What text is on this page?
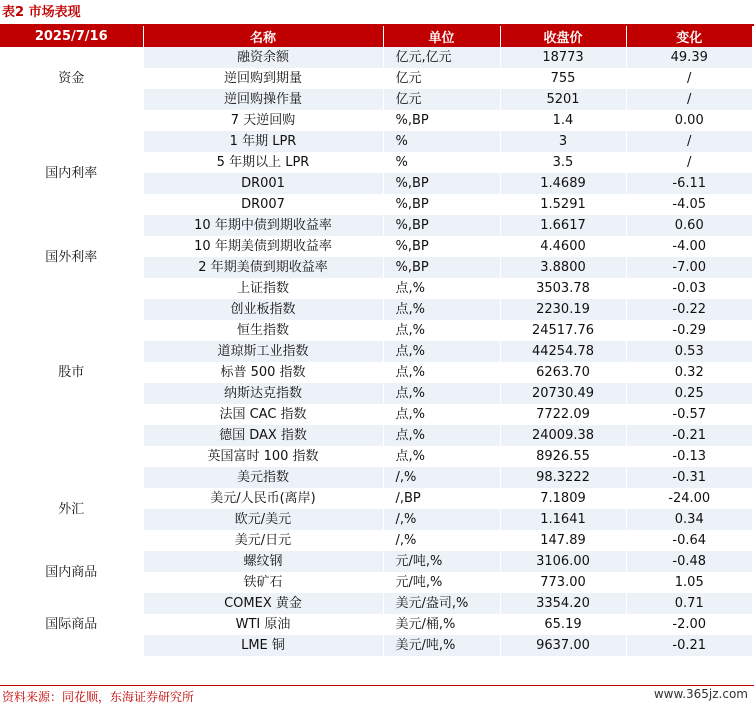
表2 市场表现
2025/7/16	名称	单位	收盘价	变化
资金	融资余额	亿元,亿元	18773	49.39
	逆回购到期量	亿元	755	/
	逆回购操作量	亿元	5201	/
国内利率	7 天逆回购	%,BP	1.4	0.00
	1 年期 LPR	%	3	/
	5 年期以上 LPR	%	3.5	/
	DR001	%,BP	1.4689	-6.11
	DR007	%,BP	1.5291	-4.05
	10 年期中债到期收益率	%,BP	1.6617	0.60
国外利率	10 年期美债到期收益率	%,BP	4.4600	-4.00
	2 年期美债到期收益率	%,BP	3.8800	-7.00
股市	上证指数	点,%	3503.78	-0.03
	创业板指数	点,%	2230.19	-0.22
	恒生指数	点,%	24517.76	-0.29
	道琼斯工业指数	点,%	44254.78	0.53
	标普 500 指数	点,%	6263.70	0.32
	纳斯达克指数	点,%	20730.49	0.25
	法国 CAC 指数	点,%	7722.09	-0.57
	德国 DAX 指数	点,%	24009.38	-0.21
	英国富时 100 指数	点,%	8926.55	-0.13
外汇	美元指数	/,%	98.3222	-0.31
	美元/人民币(离岸)	/,BP	7.1809	-24.00
	欧元/美元	/,%	1.1641	0.34
	美元/日元	/,%	147.89	-0.64
国内商品	螺纹钢	元/吨,%	3106.00	-0.48
	铁矿石	元/吨,%	773.00	1.05
国际商品	COMEX 黄金	美元/盎司,%	3354.20	0.71
	WTI 原油	美元/桶,%	65.19	-2.00
	LME 铜	美元/吨,%	9637.00	-0.21
资料来源：同花顺，东海证券研究所	www.365jz.com
